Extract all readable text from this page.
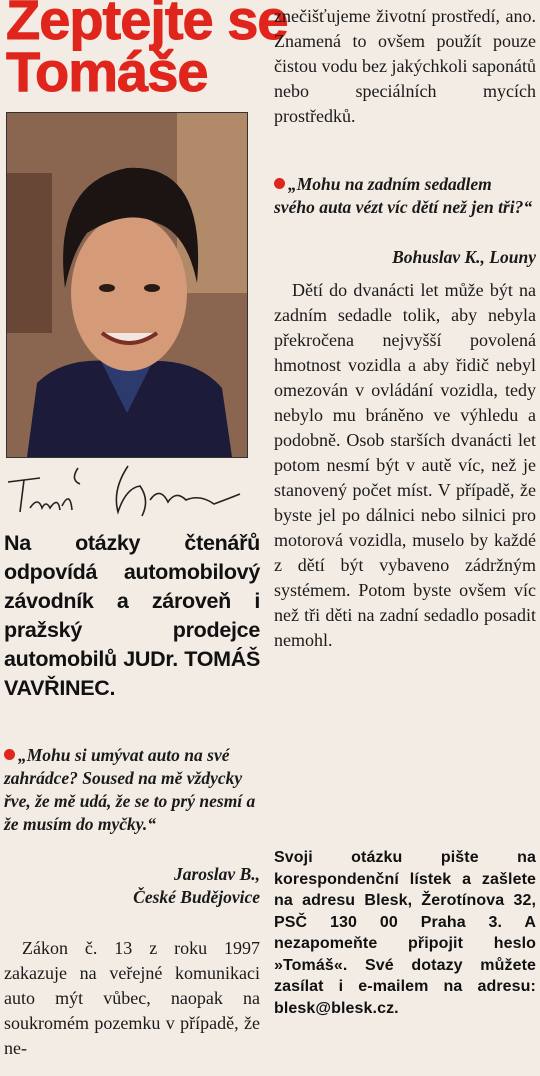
Zeptejte se
Tomáše
Na otázky čtenářů odpovídá automobilový závodník a zároveň i pražský prodejce automobilů JUDr. TOMÁŠ VAVŘINEC.
„Mohu si umývat auto na své zahrádce? Soused na mě vždycky řve, že mě udá, že se to prý nesmí a že musím do myčky.“
Jaroslav B.,
České Budějovice
Zákon č. 13 z roku 1997 zakazuje na veřejné komunikaci auto mýt vůbec, naopak na soukromém pozemku v případě, že ne-
znečišťujeme životní prostředí, ano. Znamená to ovšem použít pouze čistou vodu bez jakýchkoli saponátů nebo speciálních mycích prostředků.
„Mohu na zadním sedadlem svého auta vézt víc dětí než jen tři?“
Bohuslav K., Louny
Dětí do dvanácti let může být na zadním sedadle tolik, aby nebyla překročena nejvyšší povolená hmotnost vozidla a aby řidič nebyl omezován v ovládání vozidla, tedy nebylo mu bráněno ve výhledu a podobně. Osob starších dvanácti let potom nesmí být v autě víc, než je stanovený počet míst. V případě, že byste jel po dálnici nebo silnici pro motorová vozidla, muselo by každé z dětí být vybaveno zádržným systémem. Potom byste ovšem víc než tři děti na zadní sedadlo posadit nemohl.
Svoji otázku pište na korespondenční lístek a zašlete na adresu Blesk, Žerotínova 32, PSČ 130 00 Praha 3. A nezapomeňte připojit heslo »Tomáš«. Své dotazy můžete zasílat i e-mailem na adresu: blesk@blesk.cz.
